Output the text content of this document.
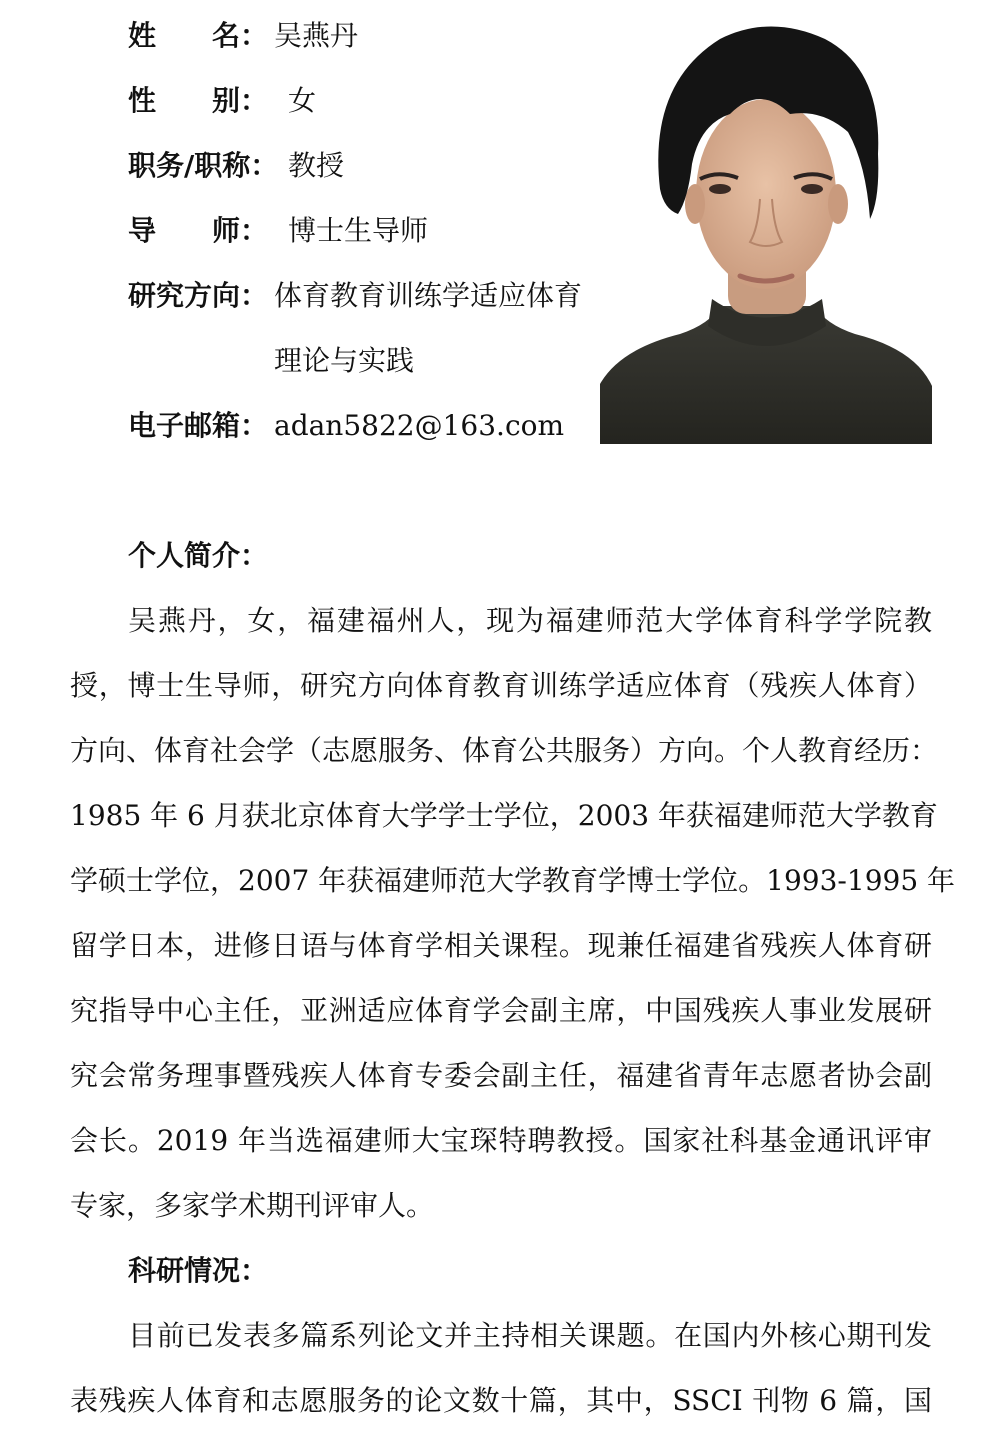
姓　　名： 吴燕丹
性　　别： 女
职务/职称： 教授
导　　师： 博士生导师
研究方向： 体育教育训练学适应体育
理论与实践
电子邮箱： adan5822@163.com
个人简介：
吴燕丹，女，福建福州人，现为福建师范大学体育科学学院教
授，博士生导师，研究方向体育教育训练学适应体育（残疾人体育）
方向、体育社会学（志愿服务、体育公共服务）方向。个人教育经历：
1985 年 6 月获北京体育大学学士学位，2003 年获福建师范大学教育
学硕士学位，2007 年获福建师范大学教育学博士学位。1993-1995 年
留学日本，进修日语与体育学相关课程。现兼任福建省残疾人体育研
究指导中心主任，亚洲适应体育学会副主席，中国残疾人事业发展研
究会常务理事暨残疾人体育专委会副主任，福建省青年志愿者协会副
会长。2019 年当选福建师大宝琛特聘教授。国家社科基金通讯评审
专家，多家学术期刊评审人。
科研情况：
目前已发表多篇系列论文并主持相关课题。在国内外核心期刊发
表残疾人体育和志愿服务的论文数十篇，其中，SSCI 刊物 6 篇，国
